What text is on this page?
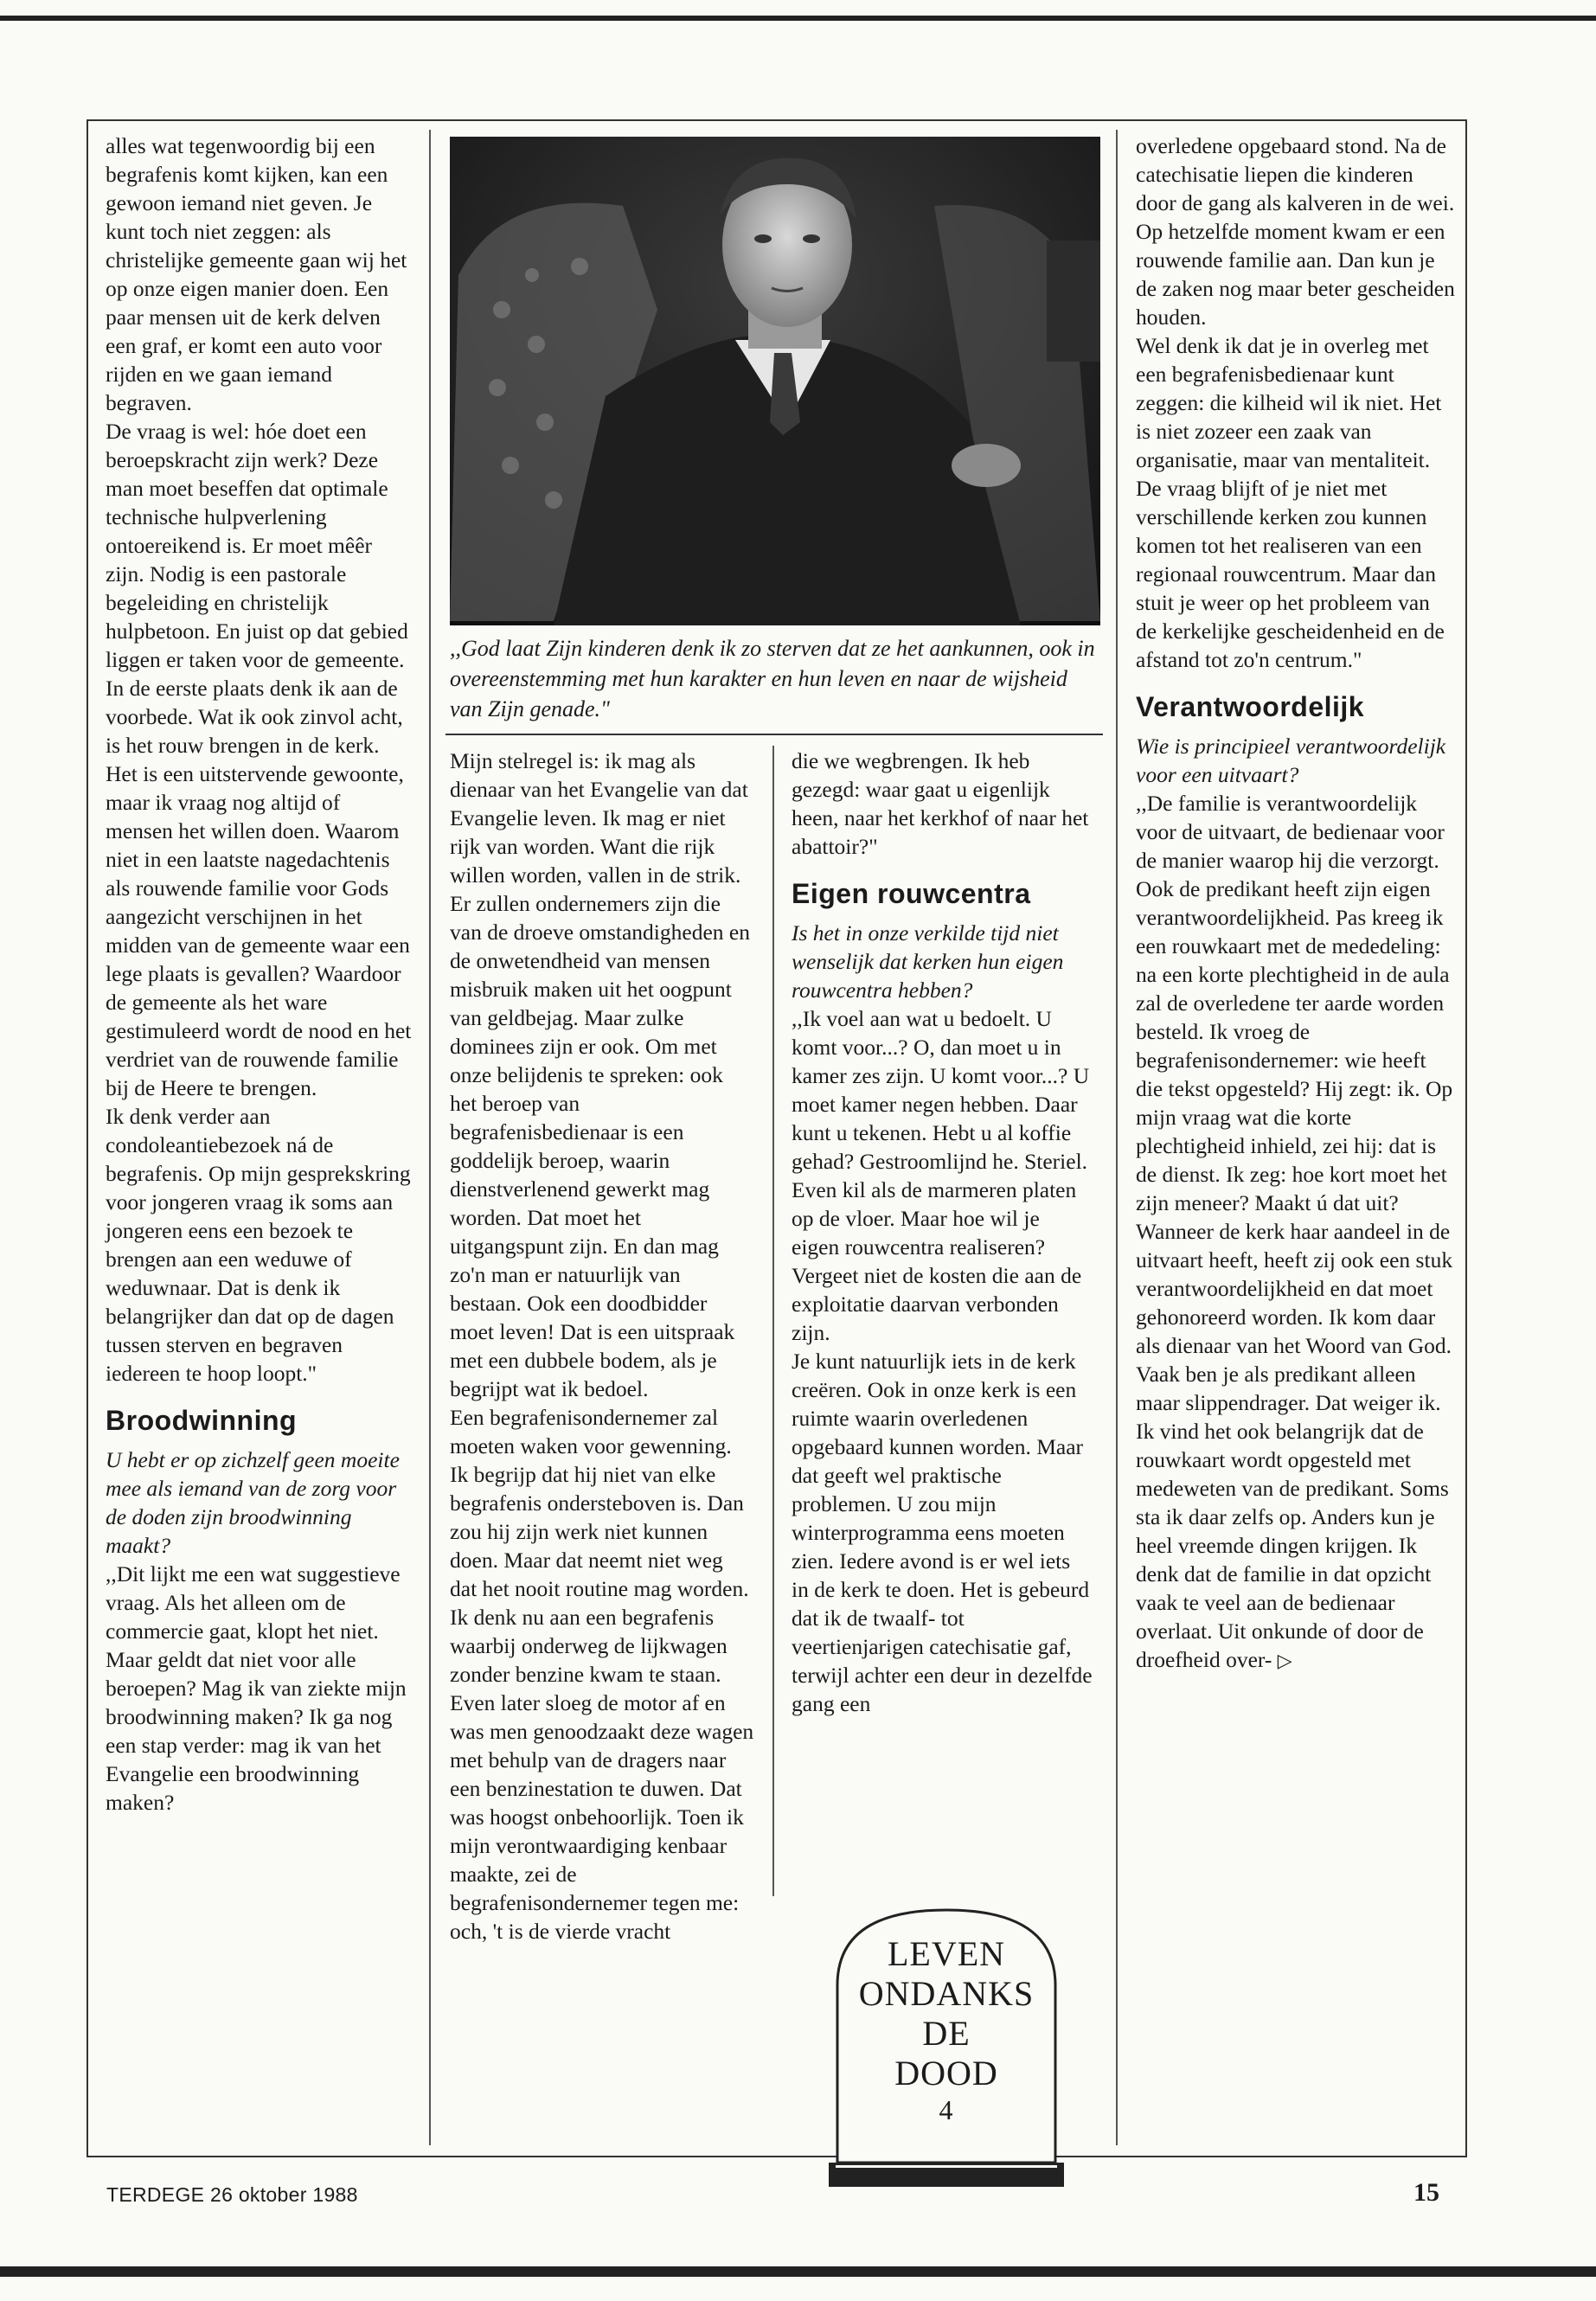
alles wat tegenwoordig bij een begrafenis komt kijken, kan een gewoon iemand niet geven. Je kunt toch niet zeggen: als christelijke gemeente gaan wij het op onze eigen manier doen. Een paar mensen uit de kerk delven een graf, er komt een auto voor rijden en we gaan iemand begraven.

De vraag is wel: hóe doet een beroepskracht zijn werk? Deze man moet beseffen dat optimale technische hulpverlening ontoereikend is. Er moet mêêr zijn. Nodig is een pastorale begeleiding en christelijk hulpbetoon. En juist op dat gebied liggen er taken voor de gemeente. In de eerste plaats denk ik aan de voorbede. Wat ik ook zinvol acht, is het rouw brengen in de kerk. Het is een uitstervende gewoonte, maar ik vraag nog altijd of mensen het willen doen. Waarom niet in een laatste nagedachtenis als rouwende familie voor Gods aangezicht verschijnen in het midden van de gemeente waar een lege plaats is gevallen? Waardoor de gemeente als het ware gestimuleerd wordt de nood en het verdriet van de rouwende familie bij de Heere te brengen.

Ik denk verder aan condoleantiebezoek ná de begrafenis. Op mijn gesprekskring voor jongeren vraag ik soms aan jongeren eens een bezoek te brengen aan een weduwe of weduwnaar. Dat is denk ik belangrijker dan dat op de dagen tussen sterven en begraven iedereen te hoop loopt."

Broodwinning

U hebt er op zichzelf geen moeite mee als iemand van de zorg voor de doden zijn broodwinning maakt?

,,Dit lijkt me een wat suggestieve vraag. Als het alleen om de commercie gaat, klopt het niet. Maar geldt dat niet voor alle beroepen? Mag ik van ziekte mijn broodwinning maken? Ik ga nog een stap verder: mag ik van het Evangelie een broodwinning maken?

,,God laat Zijn kinderen denk ik zo sterven dat ze het aankunnen, ook in overeenstemming met hun karakter en hun leven en naar de wijsheid van Zijn genade."

Mijn stelregel is: ik mag als dienaar van het Evangelie van dat Evangelie leven. Ik mag er niet rijk van worden. Want die rijk willen worden, vallen in de strik.

Er zullen ondernemers zijn die van de droeve omstandigheden en de onwetendheid van mensen misbruik maken uit het oogpunt van geldbejag. Maar zulke dominees zijn er ook. Om met onze belijdenis te spreken: ook het beroep van begrafenisbedienaar is een goddelijk beroep, waarin dienstverlenend gewerkt mag worden. Dat moet het uitgangspunt zijn. En dan mag zo'n man er natuurlijk van bestaan. Ook een doodbidder moet leven! Dat is een uitspraak met een dubbele bodem, als je begrijpt wat ik bedoel.

Een begrafenisondernemer zal moeten waken voor gewenning. Ik begrijp dat hij niet van elke begrafenis ondersteboven is. Dan zou hij zijn werk niet kunnen doen. Maar dat neemt niet weg dat het nooit routine mag worden. Ik denk nu aan een begrafenis waarbij onderweg de lijkwagen zonder benzine kwam te staan. Even later sloeg de motor af en was men genoodzaakt deze wagen met behulp van de dragers naar een benzinestation te duwen. Dat was hoogst onbehoorlijk. Toen ik mijn verontwaardiging kenbaar maakte, zei de begrafenisondernemer tegen me: och, 't is de vierde vracht

die we wegbrengen. Ik heb gezegd: waar gaat u eigenlijk heen, naar het kerkhof of naar het abattoir?"

Eigen rouwcentra

Is het in onze verkilde tijd niet wenselijk dat kerken hun eigen rouwcentra hebben?

,,Ik voel aan wat u bedoelt. U komt voor...? O, dan moet u in kamer zes zijn. U komt voor...? U moet kamer negen hebben. Daar kunt u tekenen. Hebt u al koffie gehad? Gestroomlijnd he. Steriel. Even kil als de marmeren platen op de vloer. Maar hoe wil je eigen rouwcentra realiseren? Vergeet niet de kosten die aan de exploitatie daarvan verbonden zijn.

Je kunt natuurlijk iets in de kerk creëren. Ook in onze kerk is een ruimte waarin overledenen opgebaard kunnen worden. Maar dat geeft wel praktische problemen. U zou mijn winterprogramma eens moeten zien. Iedere avond is er wel iets in de kerk te doen. Het is gebeurd dat ik de twaalf- tot veertienjarigen catechisatie gaf, terwijl achter een deur in dezelfde gang een

overledene opgebaard stond. Na de catechisatie liepen die kinderen door de gang als kalveren in de wei. Op hetzelfde moment kwam er een rouwende familie aan. Dan kun je de zaken nog maar beter gescheiden houden.

Wel denk ik dat je in overleg met een begrafenisbedienaar kunt zeggen: die kilheid wil ik niet. Het is niet zozeer een zaak van organisatie, maar van mentaliteit. De vraag blijft of je niet met verschillende kerken zou kunnen komen tot het realiseren van een regionaal rouwcentrum. Maar dan stuit je weer op het probleem van de kerkelijke gescheidenheid en de afstand tot zo'n centrum."

Verantwoordelijk

Wie is principieel verantwoordelijk voor een uitvaart?

,,De familie is verantwoordelijk voor de uitvaart, de bedienaar voor de manier waarop hij die verzorgt.

Ook de predikant heeft zijn eigen verantwoordelijkheid. Pas kreeg ik een rouwkaart met de mededeling: na een korte plechtigheid in de aula zal de overledene ter aarde worden besteld. Ik vroeg de begrafenisondernemer: wie heeft die tekst opgesteld? Hij zegt: ik. Op mijn vraag wat die korte plechtigheid inhield, zei hij: dat is de dienst. Ik zeg: hoe kort moet het zijn meneer? Maakt ú dat uit?

Wanneer de kerk haar aandeel in de uitvaart heeft, heeft zij ook een stuk verantwoordelijkheid en dat moet gehonoreerd worden. Ik kom daar als dienaar van het Woord van God. Vaak ben je als predikant alleen maar slippendrager. Dat weiger ik. Ik vind het ook belangrijk dat de rouwkaart wordt opgesteld met medeweten van de predikant. Soms sta ik daar zelfs op. Anders kun je heel vreemde dingen krijgen. Ik denk dat de familie in dat opzicht vaak te veel aan de bedienaar overlaat. Uit onkunde of door de droefheid over- ▷

LEVEN
ONDANKS
DE
DOOD
4
TERDEGE 26 oktober 1988	15
